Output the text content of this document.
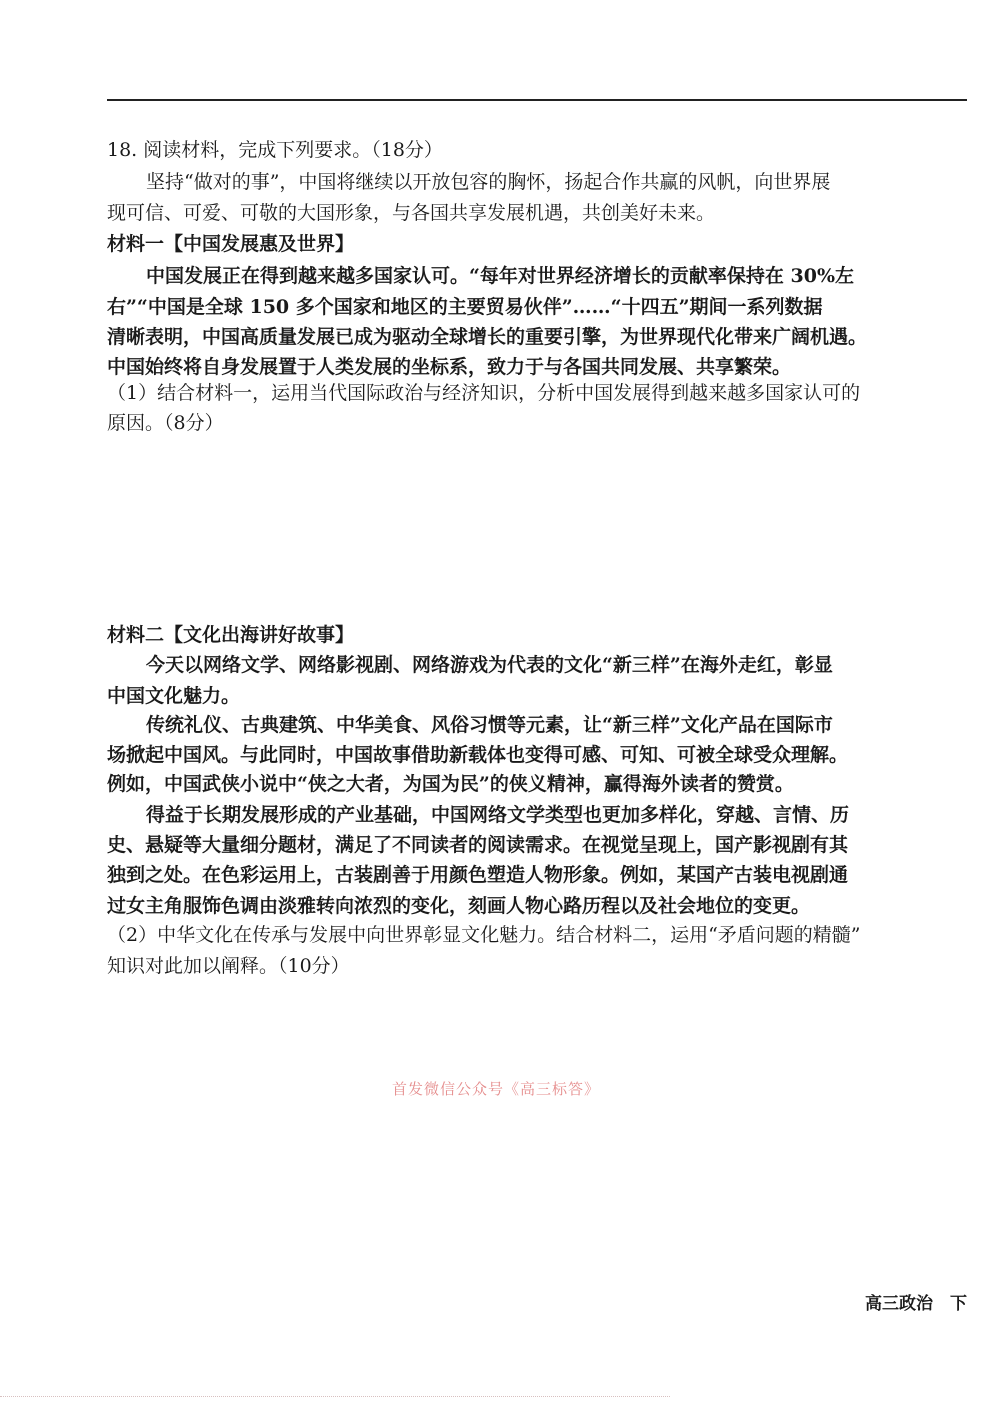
18. 阅读材料，完成下列要求。（18分）
坚持“做对的事”，中国将继续以开放包容的胸怀，扬起合作共赢的风帆，向世界展
现可信、可爱、可敬的大国形象，与各国共享发展机遇，共创美好未来。
材料一【中国发展惠及世界】
中国发展正在得到越来越多国家认可。“每年对世界经济增长的贡献率保持在 30%左
右”“中国是全球 150 多个国家和地区的主要贸易伙伴”……“十四五”期间一系列数据
清晰表明，中国高质量发展已成为驱动全球增长的重要引擎，为世界现代化带来广阔机遇。
中国始终将自身发展置于人类发展的坐标系，致力于与各国共同发展、共享繁荣。
（1）结合材料一，运用当代国际政治与经济知识，分析中国发展得到越来越多国家认可的
原因。（8分）
材料二【文化出海讲好故事】
今天以网络文学、网络影视剧、网络游戏为代表的文化“新三样”在海外走红，彰显
中国文化魅力。
传统礼仪、古典建筑、中华美食、风俗习惯等元素，让“新三样”文化产品在国际市
场掀起中国风。与此同时，中国故事借助新载体也变得可感、可知、可被全球受众理解。
例如，中国武侠小说中“侠之大者，为国为民”的侠义精神，赢得海外读者的赞赏。
得益于长期发展形成的产业基础，中国网络文学类型也更加多样化，穿越、言情、历
史、悬疑等大量细分题材，满足了不同读者的阅读需求。在视觉呈现上，国产影视剧有其
独到之处。在色彩运用上，古装剧善于用颜色塑造人物形象。例如，某国产古装电视剧通
过女主角服饰色调由淡雅转向浓烈的变化，刻画人物心路历程以及社会地位的变更。
（2）中华文化在传承与发展中向世界彰显文化魅力。结合材料二，运用“矛盾问题的精髓”
知识对此加以阐释。（10分）
首发微信公众号《高三标答》
高三政治　下
